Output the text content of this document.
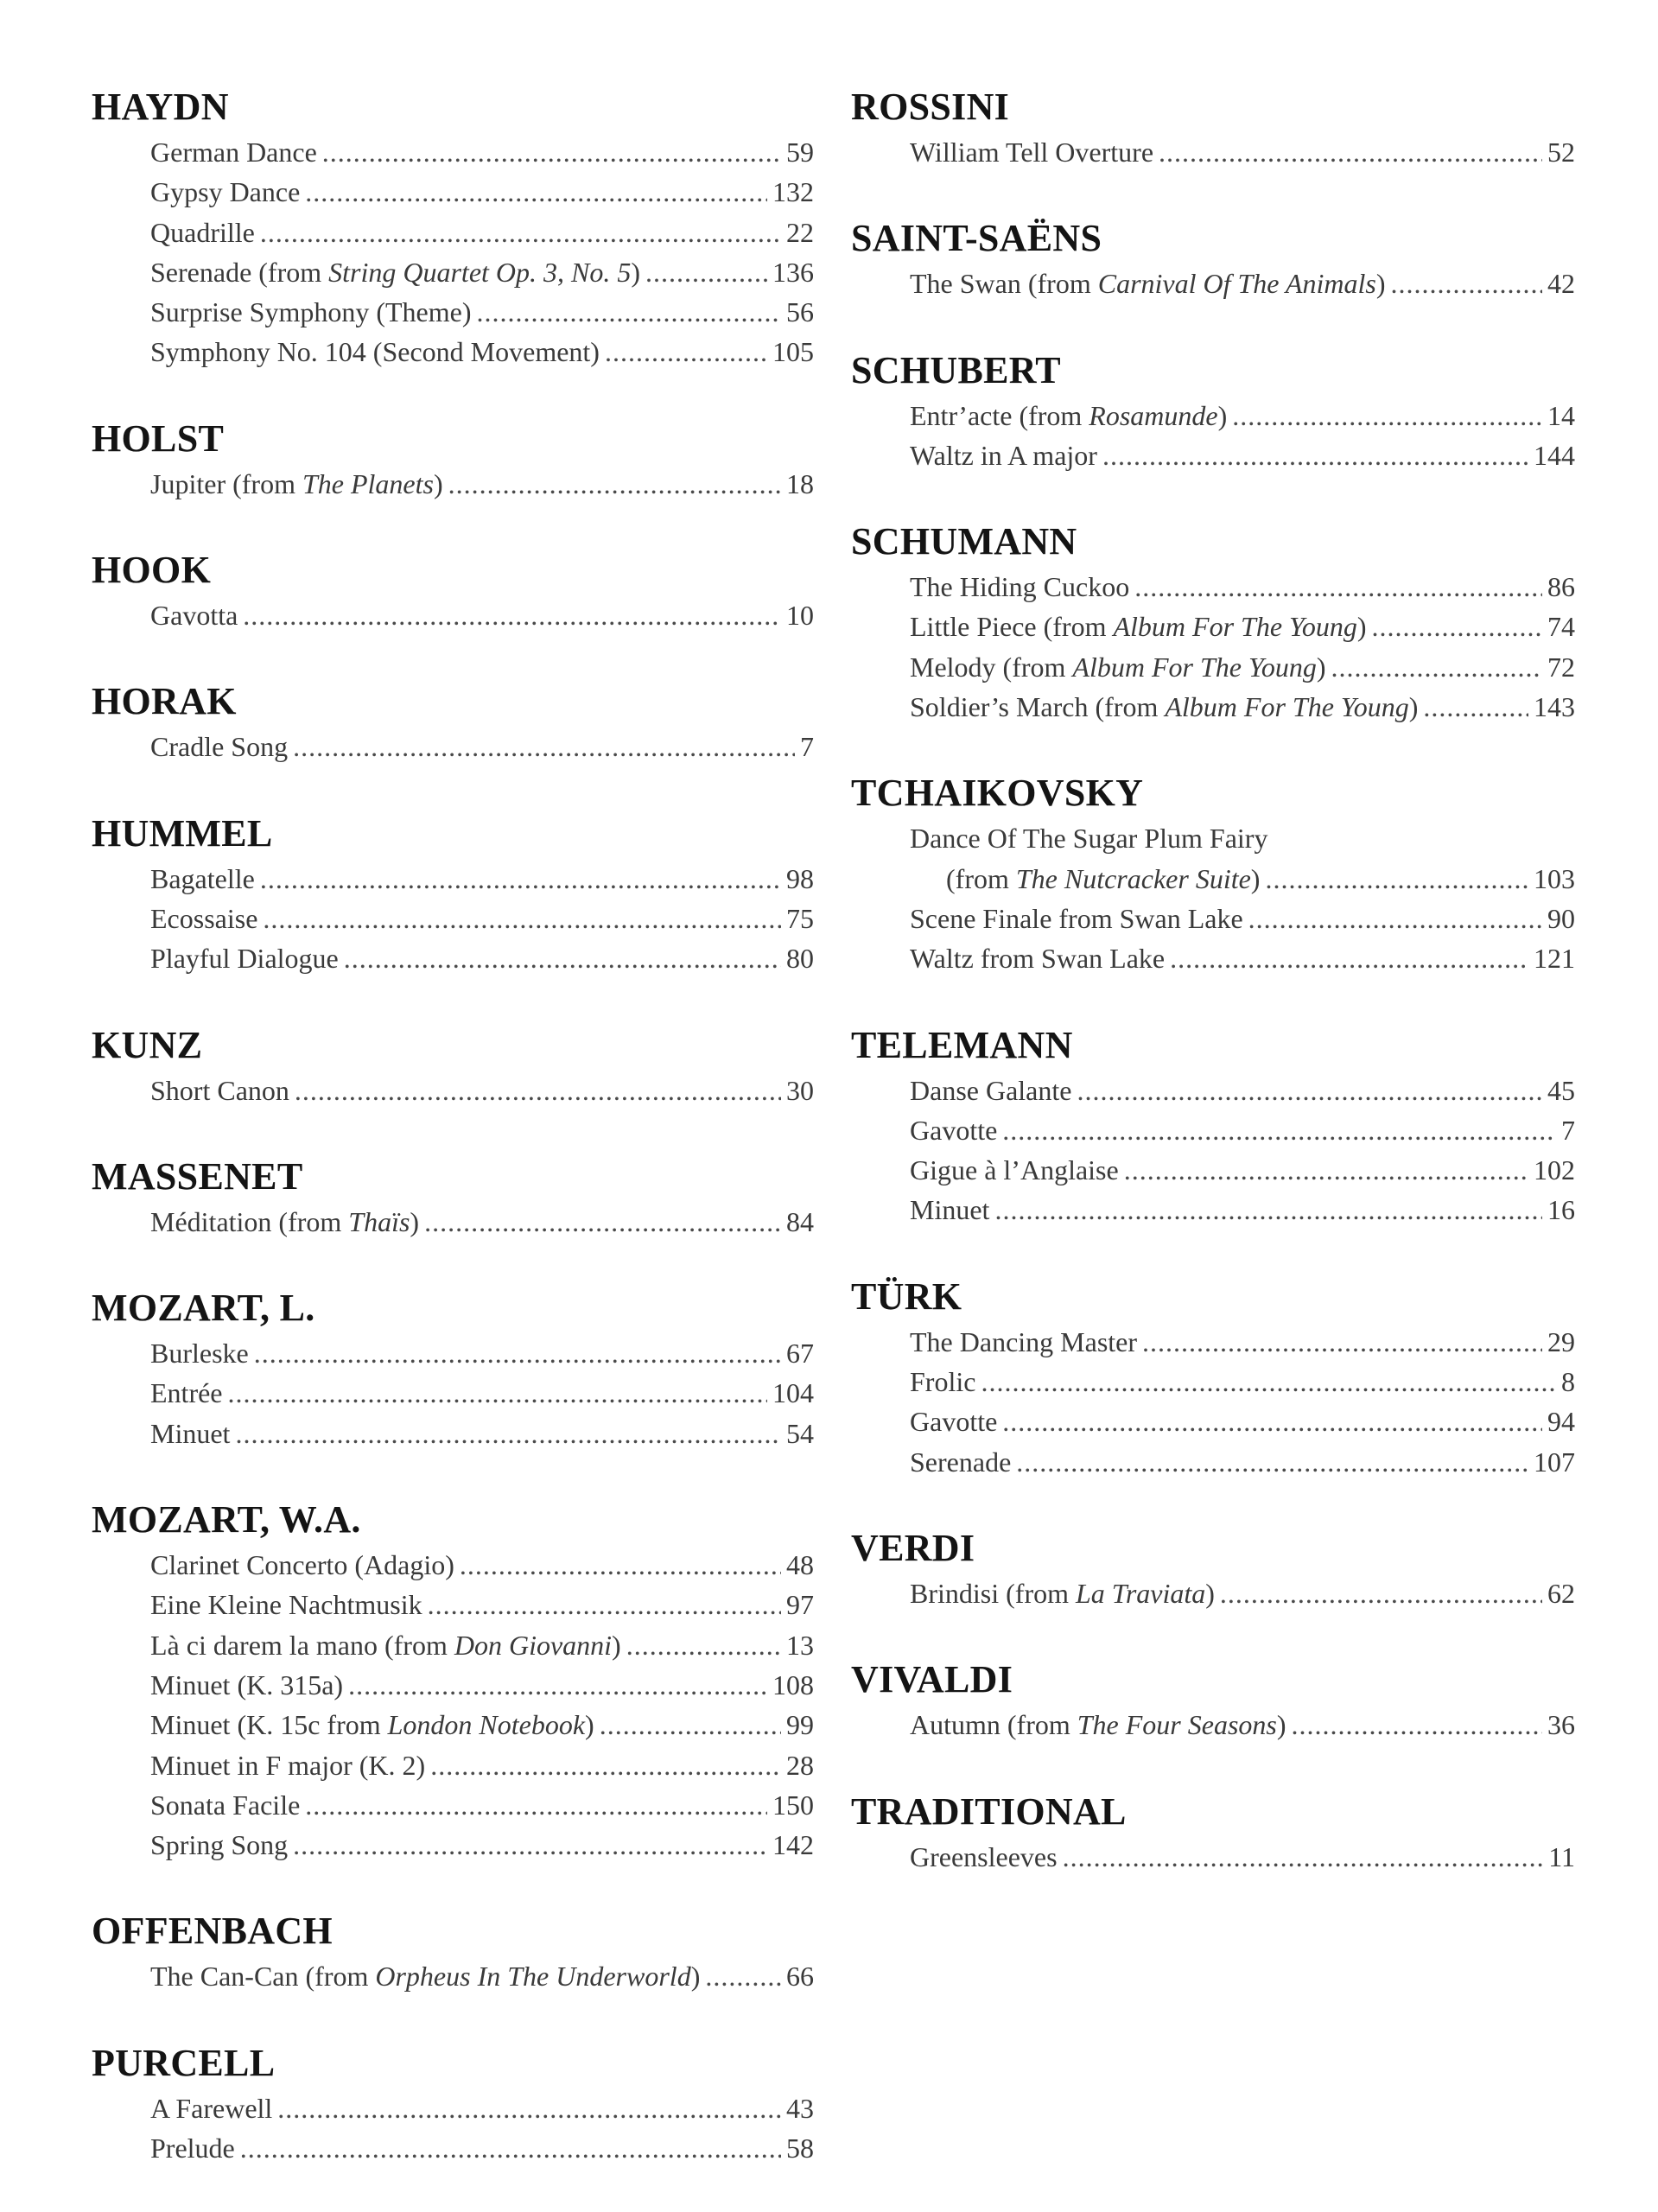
HAYDN
German Dance .....	59
Gypsy Dance .....	132
Quadrille .....	22
Serenade (from String Quartet Op. 3, No. 5) .....	136
Surprise Symphony (Theme) .....	56
Symphony No. 104 (Second Movement) .....	105
HOLST
Jupiter (from The Planets) .....	18
HOOK
Gavotta .....	10
HORAK
Cradle Song .....	7
HUMMEL
Bagatelle .....	98
Ecossaise .....	75
Playful Dialogue .....	80
KUNZ
Short Canon .....	30
MASSENET
Méditation (from Thaïs) .....	84
MOZART, L.
Burleske .....	67
Entrée .....	104
Minuet .....	54
MOZART, W.A.
Clarinet Concerto (Adagio) .....	48
Eine Kleine Nachtmusik .....	97
Là ci darem la mano (from Don Giovanni) .....	13
Minuet (K. 315a) .....	108
Minuet (K. 15c from London Notebook) .....	99
Minuet in F major (K. 2) .....	28
Sonata Facile .....	150
Spring Song .....	142
OFFENBACH
The Can-Can (from Orpheus In The Underworld) .....	66
PURCELL
A Farewell .....	43
Prelude .....	58
ROSSINI
William Tell Overture .....	52
SAINT-SAËNS
The Swan (from Carnival Of The Animals) .....	42
SCHUBERT
Entr’acte (from Rosamunde) .....	14
Waltz in A major .....	144
SCHUMANN
The Hiding Cuckoo .....	86
Little Piece (from Album For The Young) .....	74
Melody (from Album For The Young) .....	72
Soldier’s March (from Album For The Young) .....	143
TCHAIKOVSKY
Dance Of The Sugar Plum Fairy
(from The Nutcracker Suite) .....	103
Scene Finale from Swan Lake .....	90
Waltz from Swan Lake .....	121
TELEMANN
Danse Galante .....	45
Gavotte .....	7
Gigue à l’Anglaise .....	102
Minuet .....	16
TÜRK
The Dancing Master .....	29
Frolic .....	8
Gavotte .....	94
Serenade .....	107
VERDI
Brindisi (from La Traviata) .....	62
VIVALDI
Autumn (from The Four Seasons) .....	36
TRADITIONAL
Greensleeves .....	11
